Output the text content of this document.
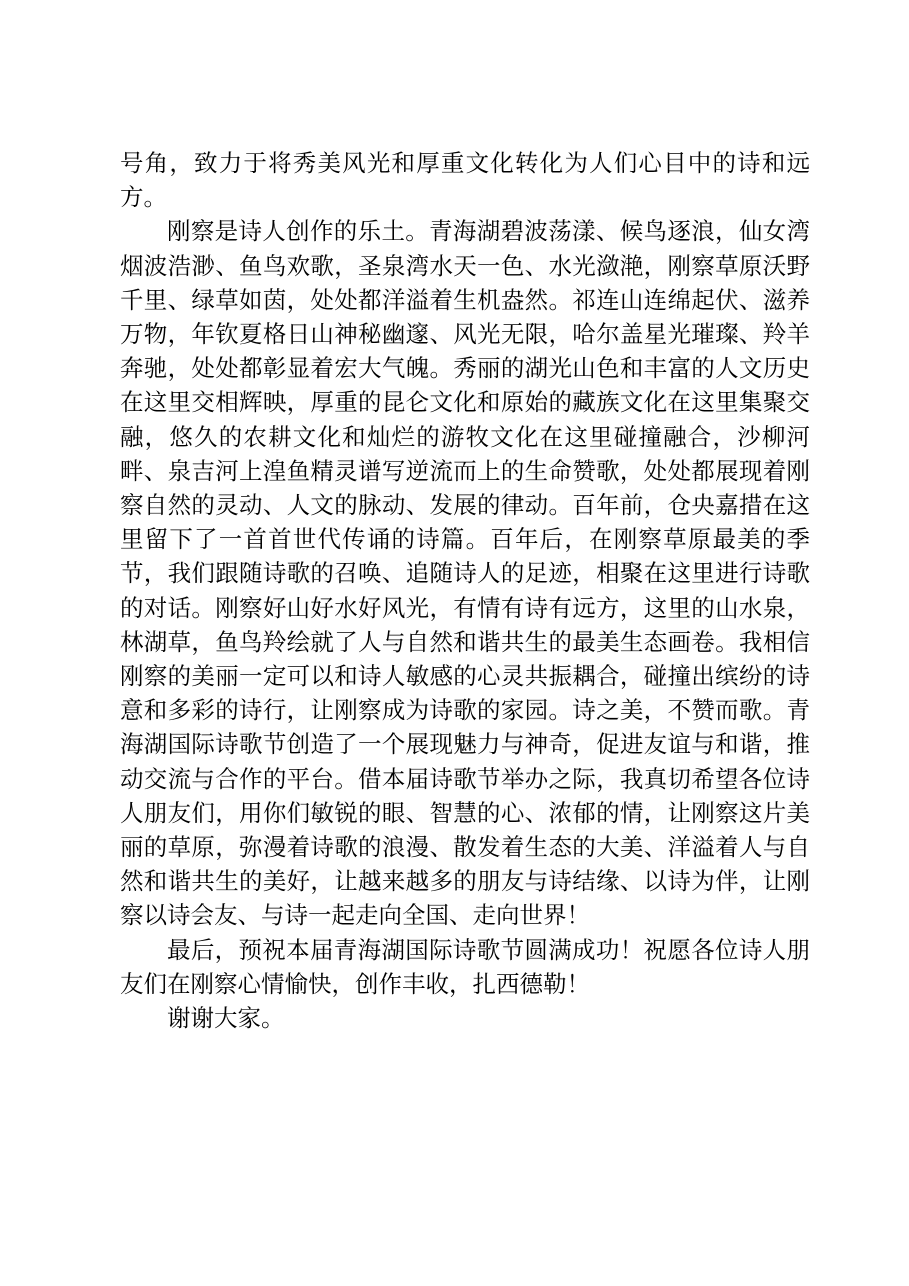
号角，致力于将秀美风光和厚重文化转化为人们心目中的诗和远方。

刚察是诗人创作的乐土。青海湖碧波荡漾、候鸟逐浪，仙女湾烟波浩渺、鱼鸟欢歌，圣泉湾水天一色、水光潋滟，刚察草原沃野千里、绿草如茵，处处都洋溢着生机盎然。祁连山连绵起伏、滋养万物，年钦夏格日山神秘幽邃、风光无限，哈尔盖星光璀璨、羚羊奔驰，处处都彰显着宏大气魄。秀丽的湖光山色和丰富的人文历史在这里交相辉映，厚重的昆仑文化和原始的藏族文化在这里集聚交融，悠久的农耕文化和灿烂的游牧文化在这里碰撞融合，沙柳河畔、泉吉河上湟鱼精灵谱写逆流而上的生命赞歌，处处都展现着刚察自然的灵动、人文的脉动、发展的律动。百年前，仓央嘉措在这里留下了一首首世代传诵的诗篇。百年后，在刚察草原最美的季节，我们跟随诗歌的召唤、追随诗人的足迹，相聚在这里进行诗歌的对话。刚察好山好水好风光，有情有诗有远方，这里的山水泉，林湖草，鱼鸟羚绘就了人与自然和谐共生的最美生态画卷。我相信刚察的美丽一定可以和诗人敏感的心灵共振耦合，碰撞出缤纷的诗意和多彩的诗行，让刚察成为诗歌的家园。诗之美，不赞而歌。青海湖国际诗歌节创造了一个展现魅力与神奇，促进友谊与和谐，推动交流与合作的平台。借本届诗歌节举办之际，我真切希望各位诗人朋友们，用你们敏锐的眼、智慧的心、浓郁的情，让刚察这片美丽的草原，弥漫着诗歌的浪漫、散发着生态的大美、洋溢着人与自然和谐共生的美好，让越来越多的朋友与诗结缘、以诗为伴，让刚察以诗会友、与诗一起走向全国、走向世界！

最后，预祝本届青海湖国际诗歌节圆满成功！祝愿各位诗人朋友们在刚察心情愉快，创作丰收，扎西德勒！

谢谢大家。
